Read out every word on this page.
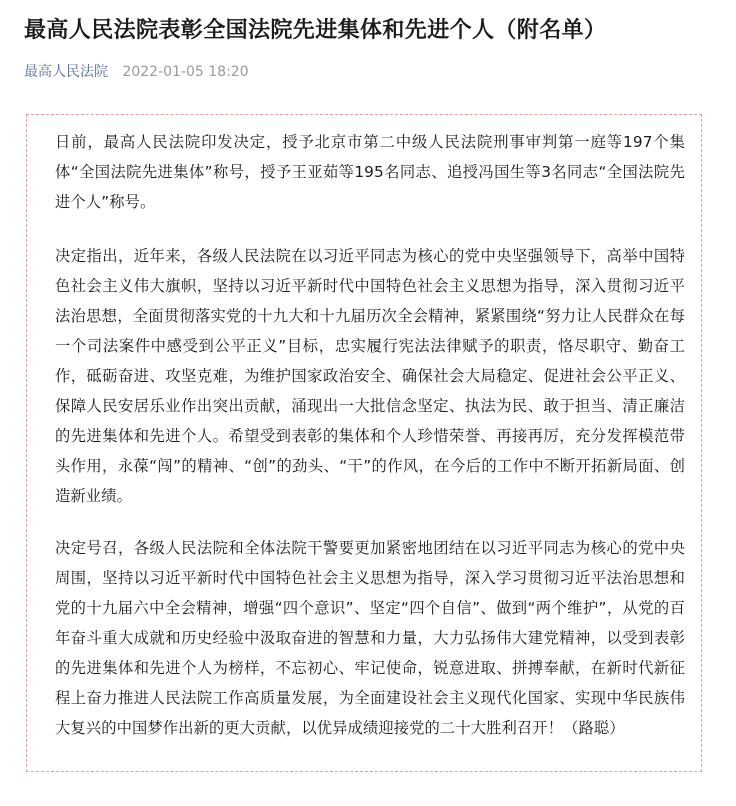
最高人民法院表彰全国法院先进集体和先进个人（附名单）
最高人民法院 2022-01-05 18:20

日前，最高人民法院印发决定，授予北京市第二中级人民法院刑事审判第一庭等197个集体“全国法院先进集体”称号，授予王亚茹等195名同志、追授冯国生等3名同志“全国法院先进个人”称号。

决定指出，近年来，各级人民法院在以习近平同志为核心的党中央坚强领导下，高举中国特色社会主义伟大旗帜，坚持以习近平新时代中国特色社会主义思想为指导，深入贯彻习近平法治思想，全面贯彻落实党的十九大和十九届历次全会精神，紧紧围绕“努力让人民群众在每一个司法案件中感受到公平正义”目标，忠实履行宪法法律赋予的职责，恪尽职守、勤奋工作，砥砺奋进、攻坚克难，为维护国家政治安全、确保社会大局稳定、促进社会公平正义、保障人民安居乐业作出突出贡献，涌现出一大批信念坚定、执法为民、敢于担当、清正廉洁的先进集体和先进个人。希望受到表彰的集体和个人珍惜荣誉、再接再厉，充分发挥模范带头作用，永葆“闯”的精神、“创”的劲头、“干”的作风，在今后的工作中不断开拓新局面、创造新业绩。

决定号召，各级人民法院和全体法院干警要更加紧密地团结在以习近平同志为核心的党中央周围，坚持以习近平新时代中国特色社会主义思想为指导，深入学习贯彻习近平法治思想和党的十九届六中全会精神，增强“四个意识”、坚定“四个自信”、做到“两个维护”，从党的百年奋斗重大成就和历史经验中汲取奋进的智慧和力量，大力弘扬伟大建党精神，以受到表彰的先进集体和先进个人为榜样，不忘初心、牢记使命，锐意进取、拼搏奉献，在新时代新征程上奋力推进人民法院工作高质量发展，为全面建设社会主义现代化国家、实现中华民族伟大复兴的中国梦作出新的更大贡献，以优异成绩迎接党的二十大胜利召开！（路聪）
